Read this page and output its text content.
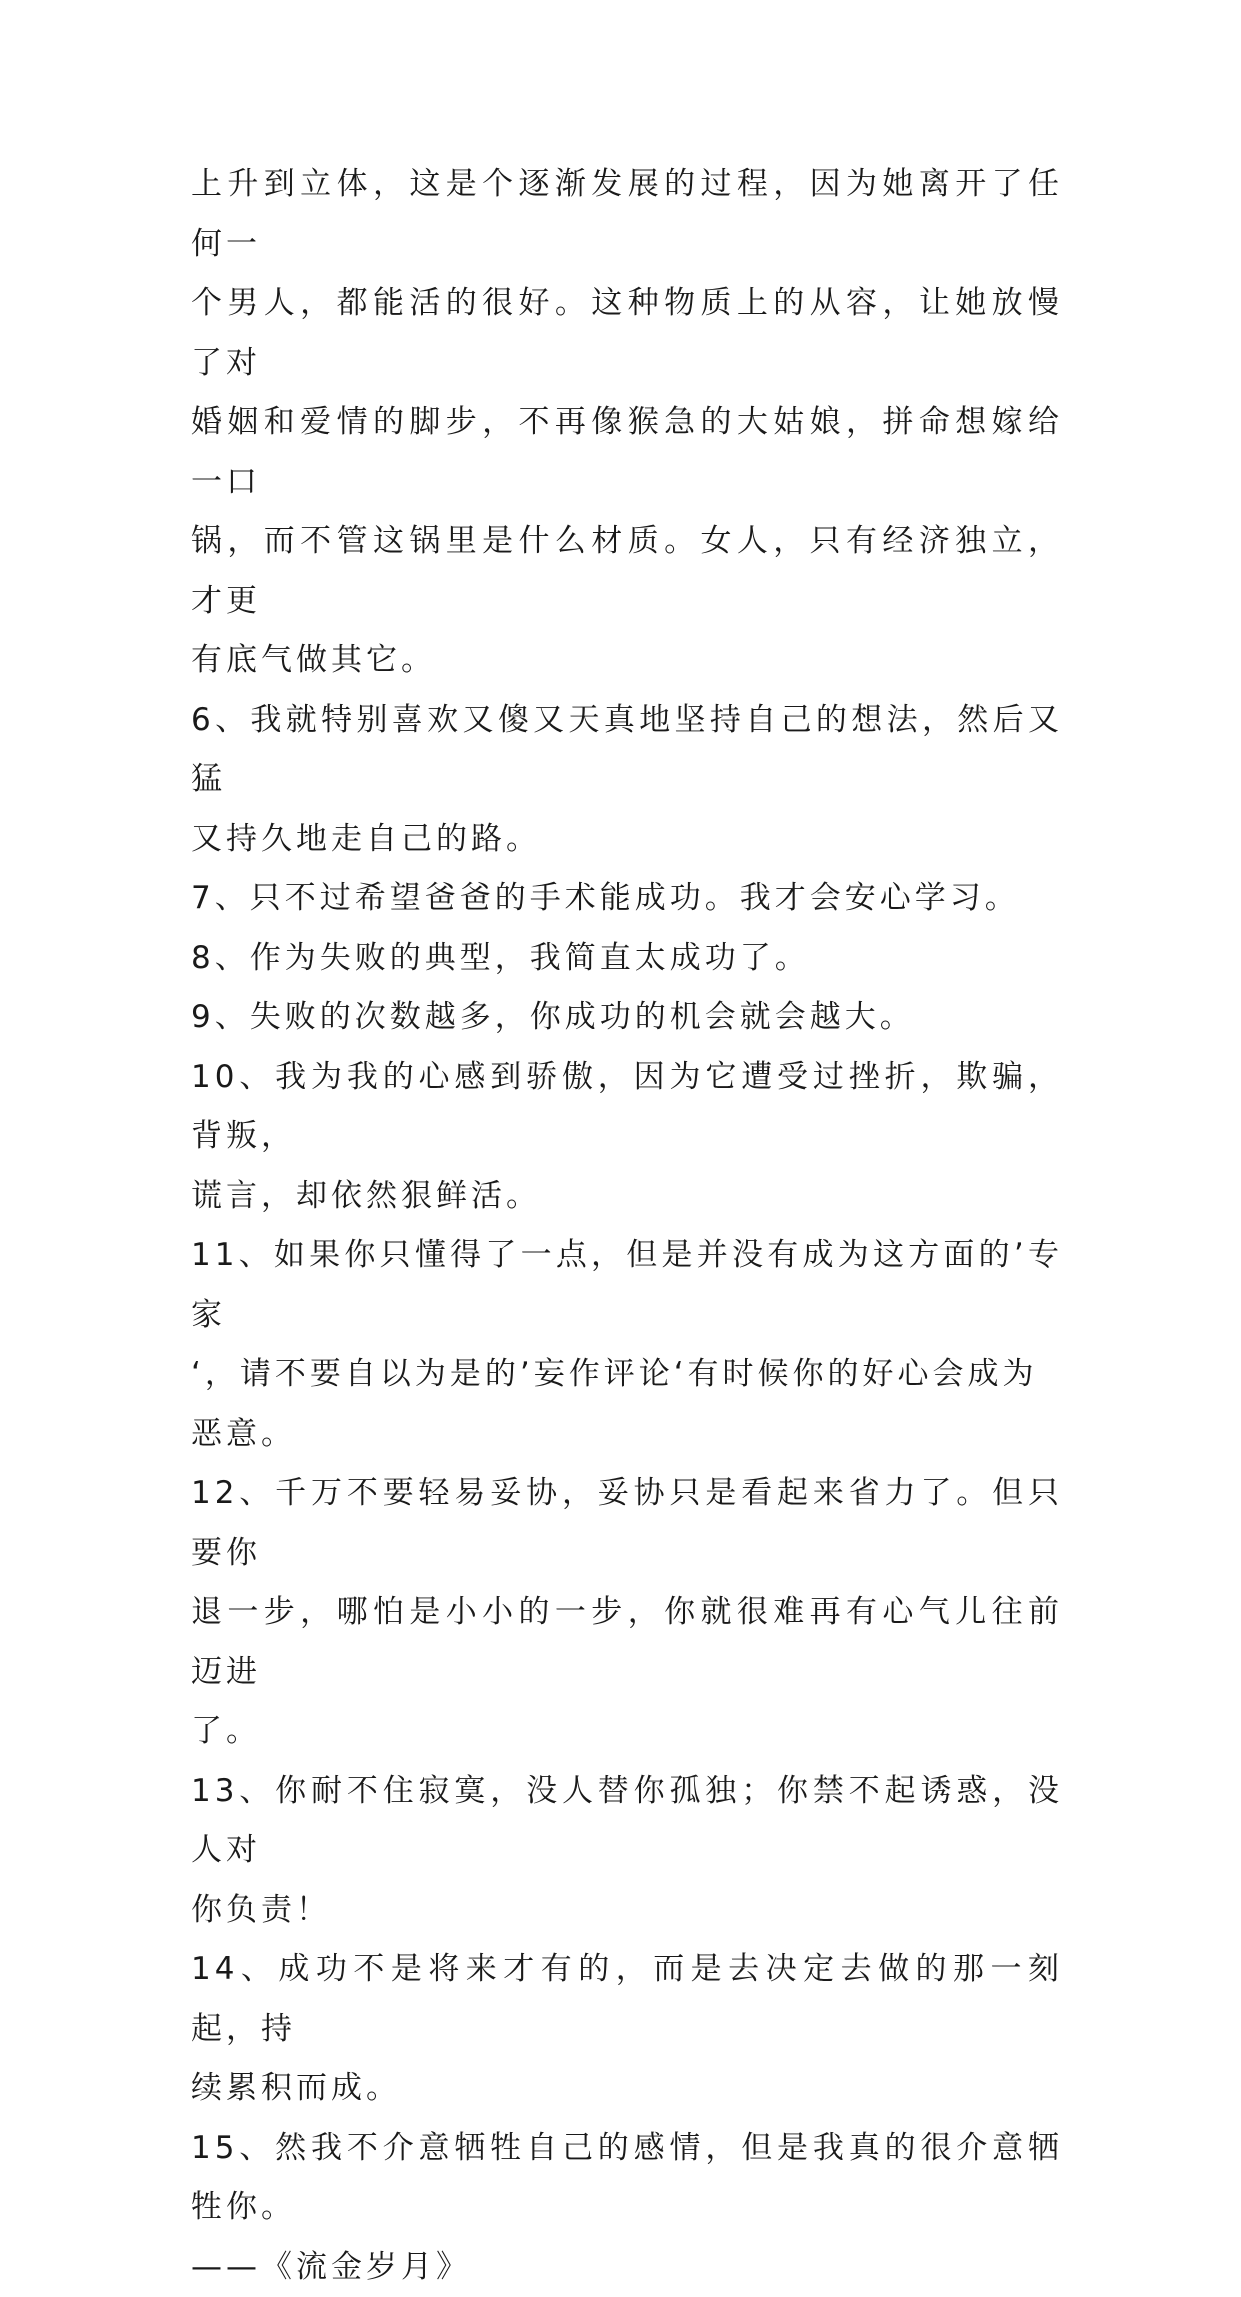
上升到立体，这是个逐渐发展的过程，因为她离开了任何一
个男人，都能活的很好。这种物质上的从容，让她放慢了对
婚姻和爱情的脚步，不再像猴急的大姑娘，拼命想嫁给一口
锅，而不管这锅里是什么材质。女人，只有经济独立，才更
有底气做其它。

6、我就特别喜欢又傻又天真地坚持自己的想法，然后又猛
又持久地走自己的路。

7、只不过希望爸爸的手术能成功。我才会安心学习。

8、作为失败的典型，我简直太成功了。

9、失败的次数越多，你成功的机会就会越大。

10、我为我的心感到骄傲，因为它遭受过挫折，欺骗，背叛，
谎言，却依然狠鲜活。

11、如果你只懂得了一点，但是并没有成为这方面的’专家
‘，请不要自以为是的’妄作评论‘有时候你的好心会成为
恶意。

12、千万不要轻易妥协，妥协只是看起来省力了。但只要你
退一步，哪怕是小小的一步，你就很难再有心气儿往前迈进
了。

13、你耐不住寂寞，没人替你孤独；你禁不起诱惑，没人对
你负责！

14、成功不是将来才有的，而是去决定去做的那一刻起，持
续累积而成。

15、然我不介意牺牲自己的感情，但是我真的很介意牺牲你。
——《流金岁月》
